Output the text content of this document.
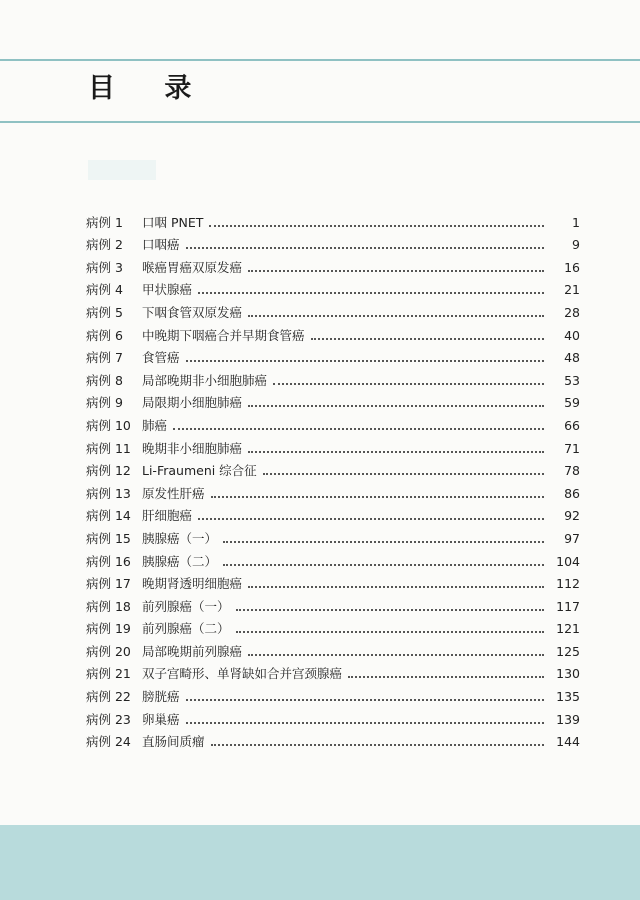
目 录
病例 1	口咽 PNET	1
病例 2	口咽癌	9
病例 3	喉癌胃癌双原发癌	16
病例 4	甲状腺癌	21
病例 5	下咽食管双原发癌	28
病例 6	中晚期下咽癌合并早期食管癌	40
病例 7	食管癌	48
病例 8	局部晚期非小细胞肺癌	53
病例 9	局限期小细胞肺癌	59
病例 10 肺癌	66
病例 11 晚期非小细胞肺癌	71
病例 12 Li-Fraumeni 综合征	78
病例 13 原发性肝癌	86
病例 14 肝细胞癌	92
病例 15 胰腺癌（一）	97
病例 16 胰腺癌（二）	104
病例 17 晚期肾透明细胞癌	112
病例 18 前列腺癌（一）	117
病例 19 前列腺癌（二）	121
病例 20 局部晚期前列腺癌	125
病例 21 双子宫畸形、单肾缺如合并宫颈腺癌	130
病例 22 膀胱癌	135
病例 23 卵巢癌	139
病例 24 直肠间质瘤	144
